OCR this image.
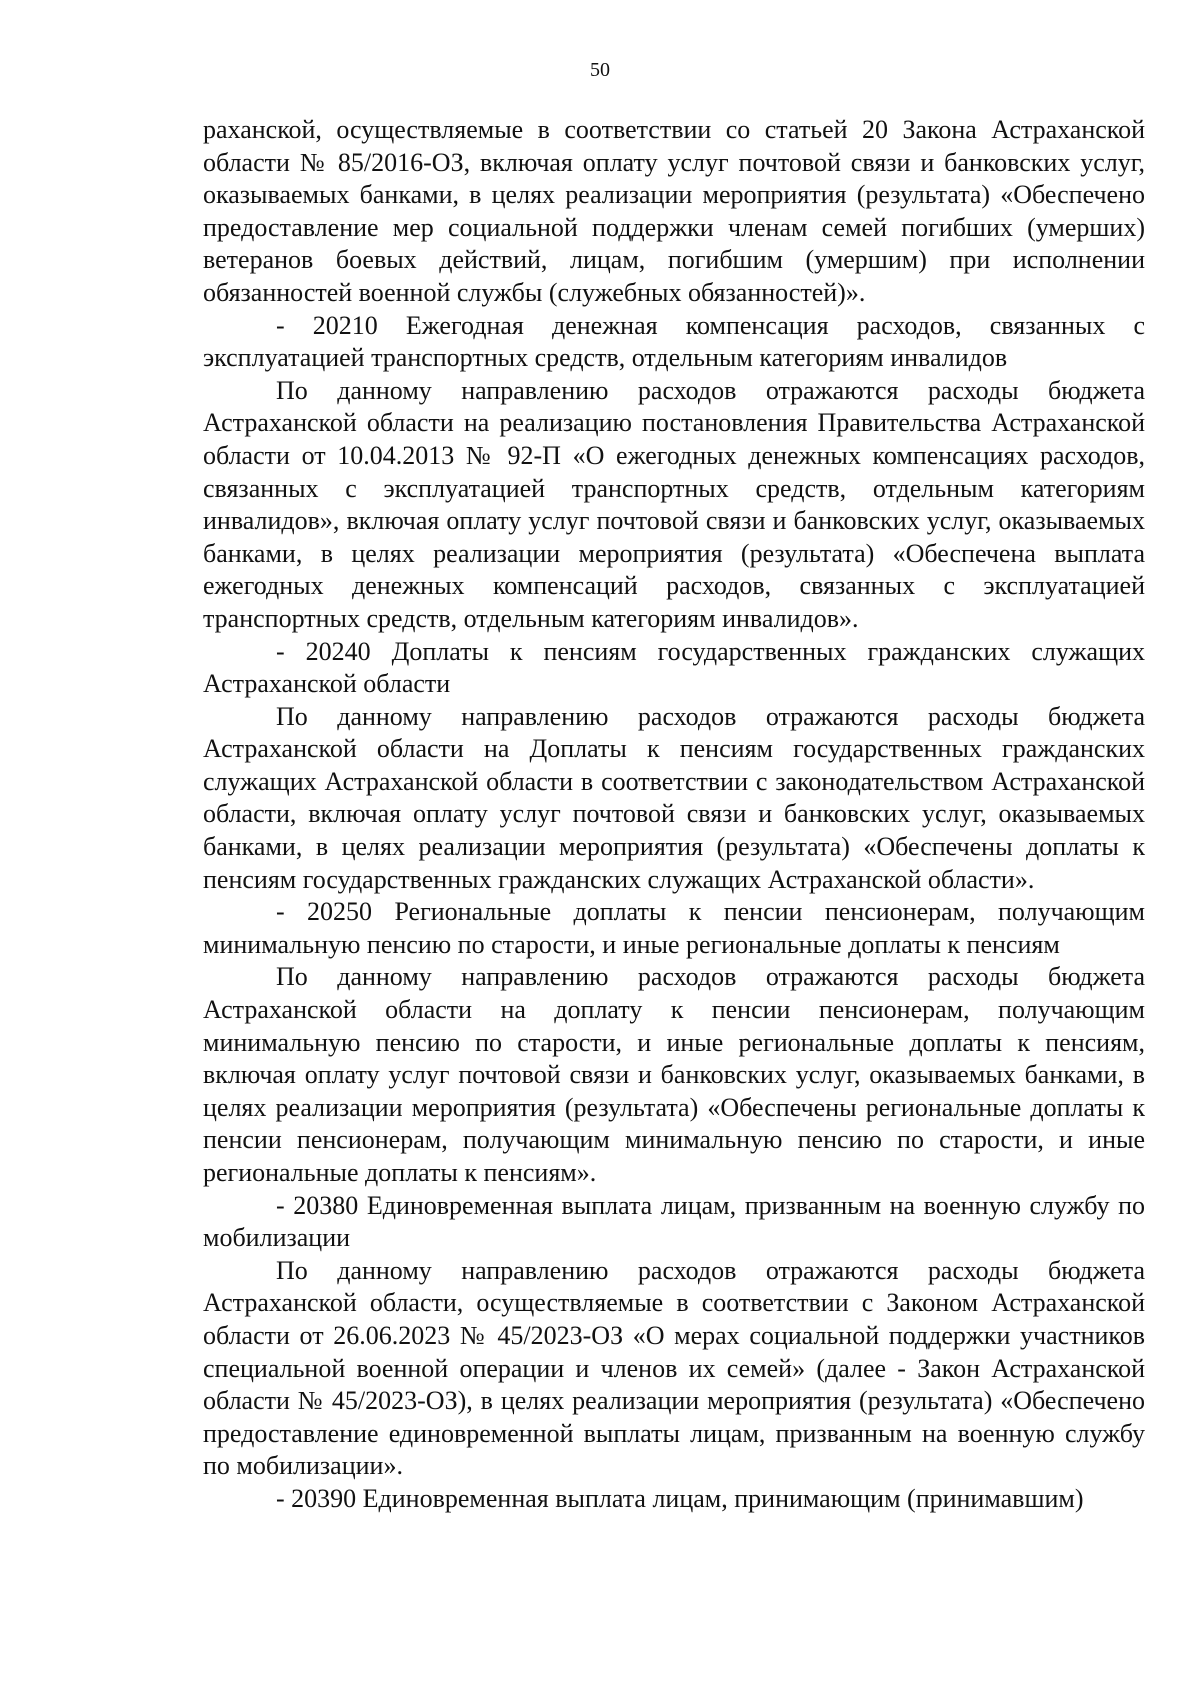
50

раханской, осуществляемые в соответствии со статьей 20 Закона Астраханской области № 85/2016-ОЗ, включая оплату услуг почтовой связи и банковских услуг, оказываемых банками, в целях реализации мероприятия (результата) «Обеспечено предоставление мер социальной поддержки членам семей погибших (умерших) ветеранов боевых действий, лицам, погибшим (умершим) при исполнении обязанностей военной службы (служебных обязанностей)».

- 20210 Ежегодная денежная компенсация расходов, связанных с эксплуатацией транспортных средств, отдельным категориям инвалидов

По данному направлению расходов отражаются расходы бюджета Астраханской области на реализацию постановления Правительства Астраханской области от 10.04.2013 № 92-П «О ежегодных денежных компенсациях расходов, связанных с эксплуатацией транспортных средств, отдельным категориям инвалидов», включая оплату услуг почтовой связи и банковских услуг, оказываемых банками, в целях реализации мероприятия (результата) «Обеспечена выплата ежегодных денежных компенсаций расходов, связанных с эксплуатацией транспортных средств, отдельным категориям инвалидов».

- 20240 Доплаты к пенсиям государственных гражданских служащих Астраханской области

По данному направлению расходов отражаются расходы бюджета Астраханской области на Доплаты к пенсиям государственных гражданских служащих Астраханской области в соответствии с законодательством Астраханской области, включая оплату услуг почтовой связи и банковских услуг, оказываемых банками, в целях реализации мероприятия (результата) «Обеспечены доплаты к пенсиям государственных гражданских служащих Астраханской области».

- 20250 Региональные доплаты к пенсии пенсионерам, получающим минимальную пенсию по старости, и иные региональные доплаты к пенсиям

По данному направлению расходов отражаются расходы бюджета Астраханской области на доплату к пенсии пенсионерам, получающим минимальную пенсию по старости, и иные региональные доплаты к пенсиям, включая оплату услуг почтовой связи и банковских услуг, оказываемых банками, в целях реализации мероприятия (результата) «Обеспечены региональные доплаты к пенсии пенсионерам, получающим минимальную пенсию по старости, и иные региональные доплаты к пенсиям».

- 20380 Единовременная выплата лицам, призванным на военную службу по мобилизации

По данному направлению расходов отражаются расходы бюджета Астраханской области, осуществляемые в соответствии с Законом Астраханской области от 26.06.2023 № 45/2023-ОЗ «О мерах социальной поддержки участников специальной военной операции и членов их семей» (далее - Закон Астраханской области № 45/2023-ОЗ), в целях реализации мероприятия (результата) «Обеспечено предоставление единовременной выплаты лицам, призванным на военную службу по мобилизации».

- 20390 Единовременная выплата лицам, принимающим (принимавшим)
